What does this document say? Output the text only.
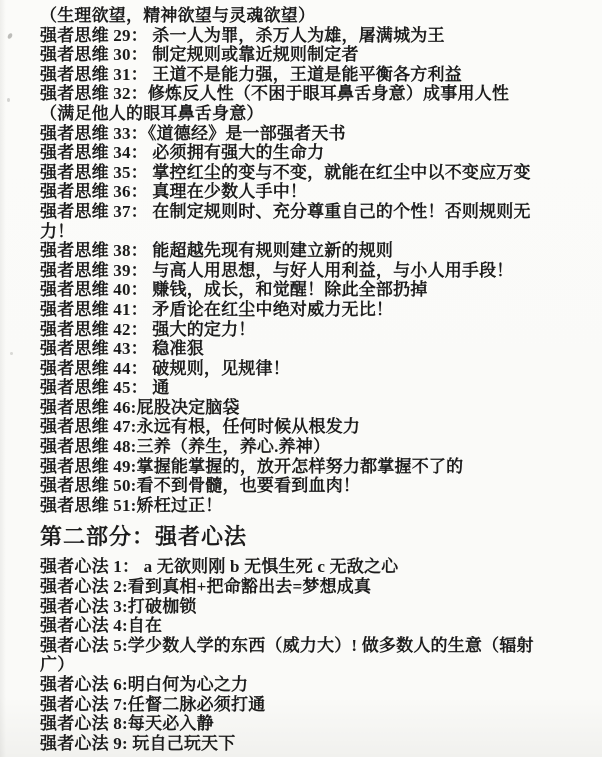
（生理欲望，精神欲望与灵魂欲望）

强者思维 29： 杀一人为罪，杀万人为雄，屠满城为王

强者思维 30： 制定规则或靠近规则制定者

强者思维 31： 王道不是能力强，王道是能平衡各方利益

强者思维 32：修炼反人性（不困于眼耳鼻舌身意）成事用人性（满足他人的眼耳鼻舌身意）

强者思维 33：《道德经》是一部强者天书

强者思维 34： 必须拥有强大的生命力

强者思维 35： 掌控红尘的变与不变，就能在红尘中以不变应万变

强者思维 36： 真理在少数人手中！

强者思维 37： 在制定规则时、充分尊重自己的个性！否则规则无力！

强者思维 38： 能超越先现有规则建立新的规则

强者思维 39： 与高人用思想，与好人用利益，与小人用手段！

强者思维 40： 赚钱，成长，和觉醒！除此全部扔掉

强者思维 41： 矛盾论在红尘中绝对威力无比！

强者思维 42： 强大的定力！

强者思维 43： 稳准狠

强者思维 44： 破规则，见规律！

强者思维 45： 通

强者思维 46:屁股决定脑袋

强者思维 47:永远有根，任何时候从根发力

强者思维 48:三养（养生，养心.养神）

强者思维 49:掌握能掌握的，放开怎样努力都掌握不了的

强者思维 50:看不到骨髓，也要看到血肉！

强者思维 51:矫枉过正！

第二部分：强者心法

强者心法 1： a 无欲则刚 b 无惧生死 c 无敌之心

强者心法 2:看到真相+把命豁出去=梦想成真

强者心法 3:打破枷锁

强者心法 4:自在

强者心法 5:学少数人学的东西（威力大）! 做多数人的生意（辐射广）

强者心法 6:明白何为心之力

强者心法 7:任督二脉必须打通

强者心法 8:每天必入静

强者心法 9: 玩自己玩天下
